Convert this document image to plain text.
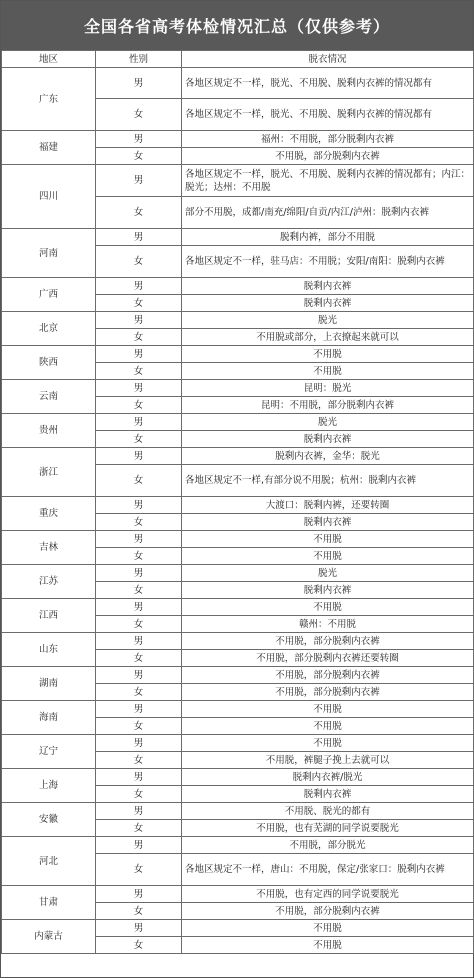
全国各省高考体检情况汇总（仅供参考）
地区	性别	脱衣情况
广东	男	各地区规定不一样，脱光、不用脱、脱剩内衣裤的情况都有
	女	各地区规定不一样，脱光、不用脱、脱剩内衣裤的情况都有
福建	男	福州：不用脱，部分脱剩内衣裤
	女	不用脱，部分脱剩内衣裤
四川	男	各地区规定不一样，脱光、不用脱、脱剩内衣裤的情况都有；内江：脱光；达州：不用脱
	女	部分不用脱，成都/南充/绵阳/自贡/内江/泸州：脱剩内衣裤
河南	男	脱剩内裤，部分不用脱
	女	各地区规定不一样，驻马店：不用脱；安阳/南阳：脱剩内衣裤
广西	男	脱剩内衣裤
	女	脱剩内衣裤
北京	男	脱光
	女	不用脱或部分，上衣撩起来就可以
陕西	男	不用脱
	女	不用脱
云南	男	昆明：脱光
	女	昆明：不用脱，部分脱剩内衣裤
贵州	男	脱光
	女	脱剩内衣裤
浙江	男	脱剩内衣裤，金华：脱光
	女	各地区规定不一样,有部分说不用脱；杭州：脱剩内衣裤
重庆	男	大渡口：脱剩内裤，还要转圈
	女	脱剩内衣裤
吉林	男	不用脱
	女	不用脱
江苏	男	脱光
	女	脱剩内衣裤
江西	男	不用脱
	女	赣州：不用脱
山东	男	不用脱，部分脱剩内衣裤
	女	不用脱，部分脱剩内衣裤还要转圈
湖南	男	不用脱，部分脱剩内衣裤
	女	不用脱，部分脱剩内衣裤
海南	男	不用脱
	女	不用脱
辽宁	男	不用脱
	女	不用脱，裤腿子挽上去就可以
上海	男	脱剩内衣裤/脱光
	女	脱剩内衣裤
安徽	男	不用脱、脱光的都有
	女	不用脱，也有芜湖的同学说要脱光
河北	男	不用脱，部分脱光
	女	各地区规定不一样，唐山：不用脱，保定/张家口：脱剩内衣裤
甘肃	男	不用脱，也有定西的同学说要脱光
	女	不用脱，部分脱剩内衣裤
内蒙古	男	不用脱
	女	不用脱
